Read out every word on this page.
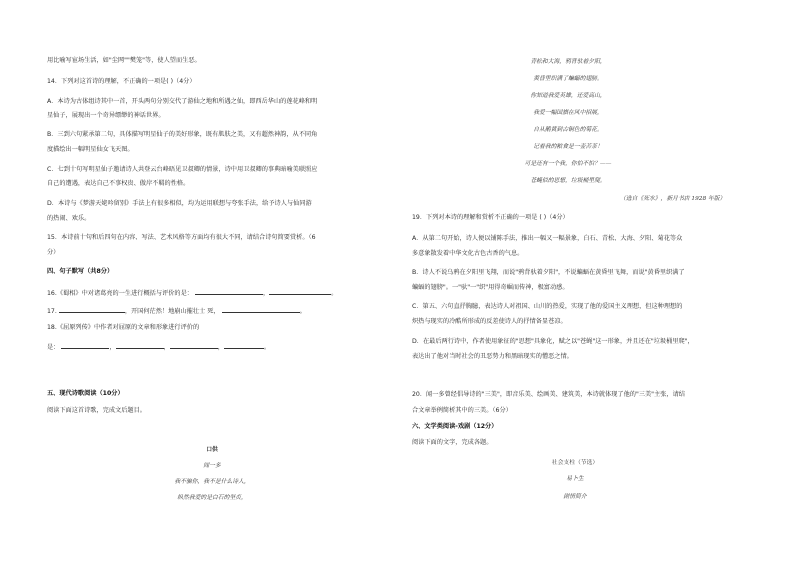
用比喻写宦场生活，如"尘网""樊笼"等，使人望而生恶。
14．下列对这首诗的理解，不正确的一项是( )（4分）
A．本诗为古体组诗其中一首，开头两句分别交代了游仙之地和所遇之仙，即西岳华山的莲花峰和明
星仙子，展现出一个奇异缥缈的神话世界。
B．三到六句紧承第二句，具体描写明星仙子的美好形象，既有肌肤之美，又有超然神韵，从不同角
度描绘出一幅明星仙女飞天图。
C．七到十句写明星仙子邀请诗人共登云台峰晤见卫叔卿的情景，诗中用卫叔卿的事典暗喻美联照应
自己的遭遇，表达自己不事权贵、傲岸不羁的性格。
D．本诗与《梦游天姥吟留别》手法上有很多相似，均为运用联想与夸张手法，给予诗人与仙同游
的热闹、欢乐。
15．本诗前十句和后四句在内容、写法、艺术风格等方面均有很大不同，请结合诗句简要赏析。（6
分）
四、句子默写（共8分）
16.《蜀相》中对诸葛亮的一生进行概括与评价的是：	，	。
17.	，开国何茫然！地崩山摧壮士 死，	。
18.《屈原列传》中作者对屈原的文章和形象进行评价的
是：	，	，	，	。
五、现代诗歌阅读（10分）
阅读下面这首诗歌，完成文后题目。
口供
闻一多
我不骗你，我不是什么诗人，
纵然我爱的是白石的坚贞，
青松和大海，鸦背驮着夕阳，
黄昏里织满了蝙蝠的翅膀。
你知道我爱英雄，还爱高山，
我爱一幅国旗在风中招展，
自从鹅黄到古铜色的菊花。
记着我的粮食是一壶苦茶！
可是还有一个我，你怕不怕？——
苍蝇似的思想，垃圾桶里爬。
（选自《死水》，新月书店 1928 年版）
19．下列对本诗的理解和赏析不正确的一项是 ( )（4分）
A．从第二句开始，诗人便以铺陈手法，推出一幅又一幅景象，白石、青松、大海、夕阳、菊花等众
多意象散发着中华文化古色古香的气息。
B．诗人不说乌鸦在夕阳里飞翔，而说"鸦背驮着夕阳"，不说蝙蝠在黄昏里飞舞，而说"黄昏里织满了
蝙蝠的翅膀"。一"驮"一"织"用得奇崛而传神，极富动感。
C．第五、六句直抒胸臆，表达诗人对祖国、山川的热爱，实现了他的爱国主义理想，但这种理想的
炽热与现实的冷酷所形成的反差使诗人的抒情备显苍凉。
D．在最后两行诗中，作者使用象征的"思想"具象化，赋之以"苍蝇"这一形象，并且还在"垃圾桶里爬"，
表达出了他对当时社会的丑恶势力和黑暗现实的憎恶之情。
20．闻一多曾经倡导诗的"三美"，即音乐美、绘画美、建筑美，本诗就体现了他的"三美"主张，请结
合文章举例简析其中的三美。（6分）
六、文学类阅读-戏剧（12分）
阅读下面的文字，完成各题。
社会支柱（节选）
易卜生
剧情简介
